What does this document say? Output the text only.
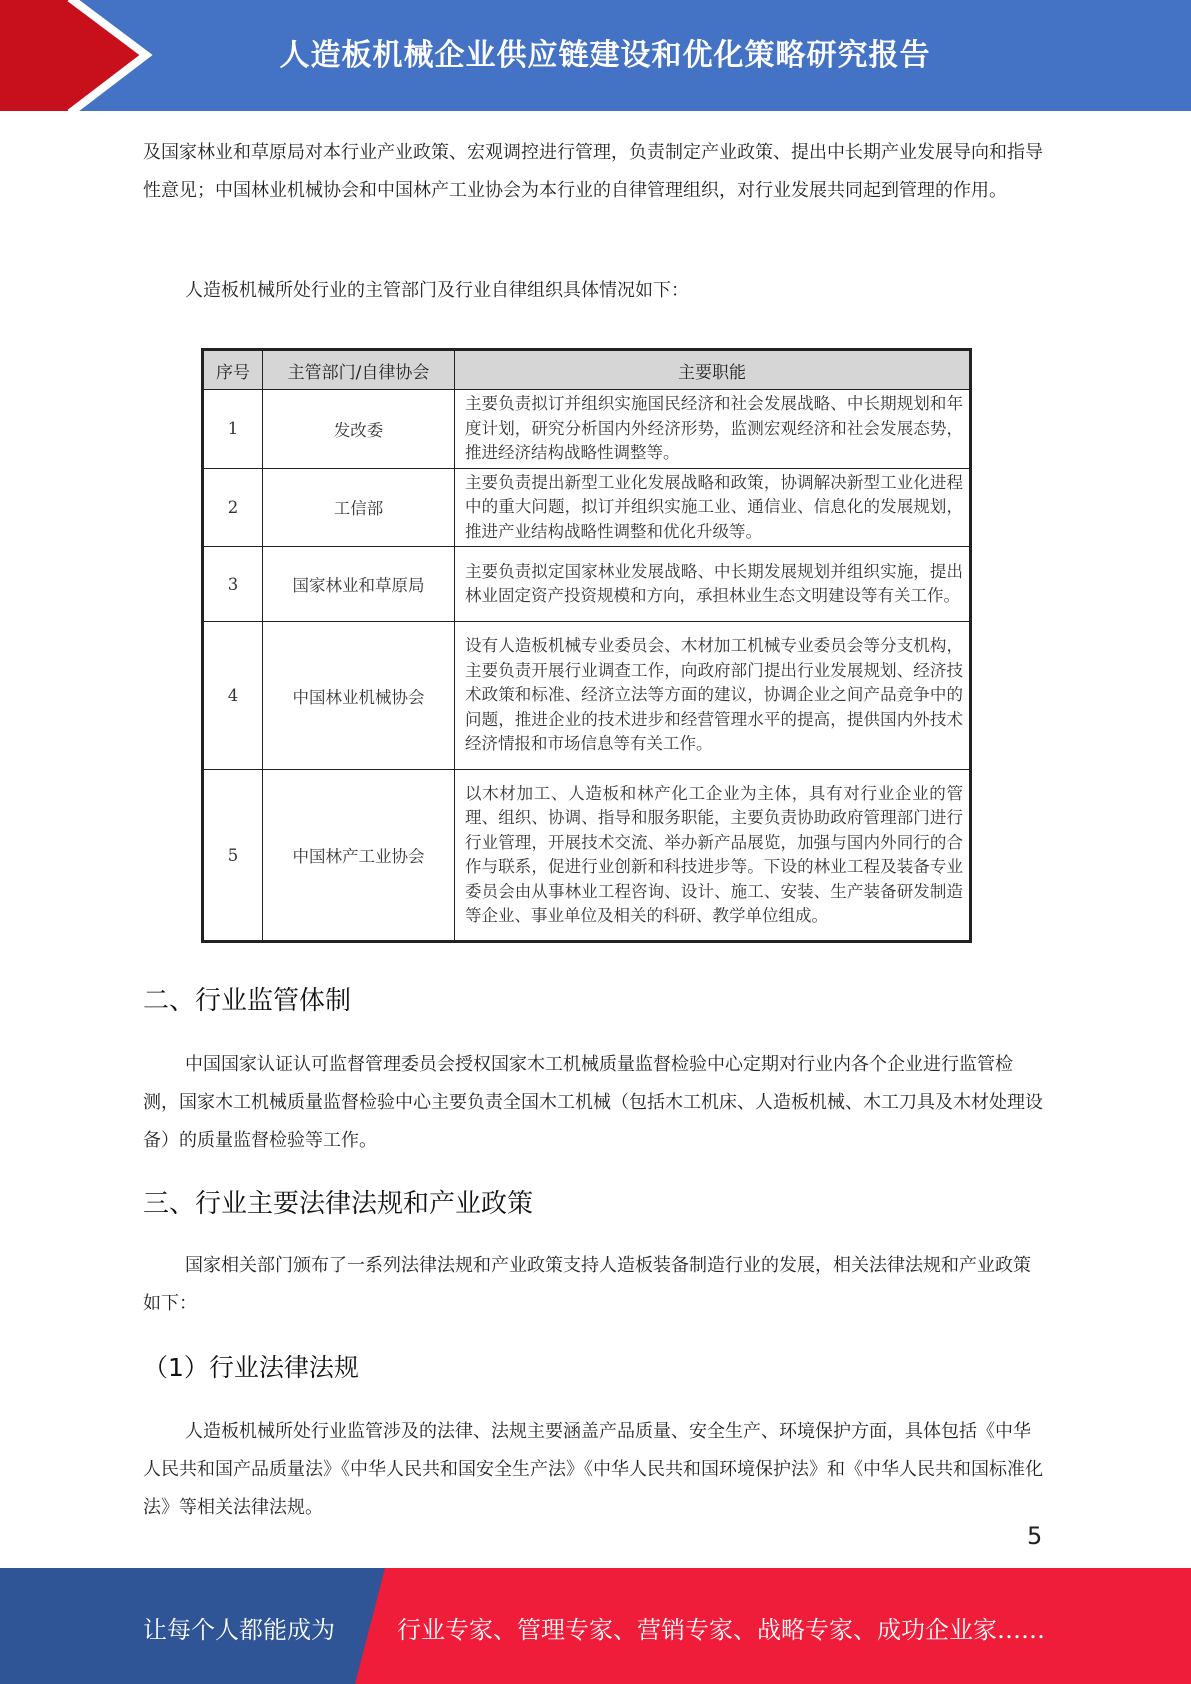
人造板机械企业供应链建设和优化策略研究报告
及国家林业和草原局对本行业产业政策、宏观调控进行管理，负责制定产业政策、提出中长期产业发展导向和指导性意见；中国林业机械协会和中国林产工业协会为本行业的自律管理组织，对行业发展共同起到管理的作用。
人造板机械所处行业的主管部门及行业自律组织具体情况如下：
序号	主管部门/自律协会	主要职能
1	发改委	主要负责拟订并组织实施国民经济和社会发展战略、中长期规划和年度计划，研究分析国内外经济形势，监测宏观经济和社会发展态势，推进经济结构战略性调整等。
2	工信部	主要负责提出新型工业化发展战略和政策，协调解决新型工业化进程中的重大问题，拟订并组织实施工业、通信业、信息化的发展规划，推进产业结构战略性调整和优化升级等。
3	国家林业和草原局	主要负责拟定国家林业发展战略、中长期发展规划并组织实施，提出林业固定资产投资规模和方向，承担林业生态文明建设等有关工作。
4	中国林业机械协会	设有人造板机械专业委员会、木材加工机械专业委员会等分支机构，主要负责开展行业调查工作，向政府部门提出行业发展规划、经济技术政策和标准、经济立法等方面的建议，协调企业之间产品竞争中的问题，推进企业的技术进步和经营管理水平的提高，提供国内外技术经济情报和市场信息等有关工作。
5	中国林产工业协会	以木材加工、人造板和林产化工企业为主体，具有对行业企业的管理、组织、协调、指导和服务职能，主要负责协助政府管理部门进行行业管理，开展技术交流、举办新产品展览，加强与国内外同行的合作与联系，促进行业创新和科技进步等。下设的林业工程及装备专业委员会由从事林业工程咨询、设计、施工、安装、生产装备研发制造等企业、事业单位及相关的科研、教学单位组成。
二、行业监管体制
中国国家认证认可监督管理委员会授权国家木工机械质量监督检验中心定期对行业内各个企业进行监管检测，国家木工机械质量监督检验中心主要负责全国木工机械（包括木工机床、人造板机械、木工刀具及木材处理设备）的质量监督检验等工作。
三、行业主要法律法规和产业政策
国家相关部门颁布了一系列法律法规和产业政策支持人造板装备制造行业的发展，相关法律法规和产业政策如下：
（1）行业法律法规
人造板机械所处行业监管涉及的法律、法规主要涵盖产品质量、安全生产、环境保护方面，具体包括《中华人民共和国产品质量法》《中华人民共和国安全生产法》《中华人民共和国环境保护法》和《中华人民共和国标准化法》等相关法律法规。
5
让每个人都能成为	行业专家、管理专家、营销专家、战略专家、成功企业家……
